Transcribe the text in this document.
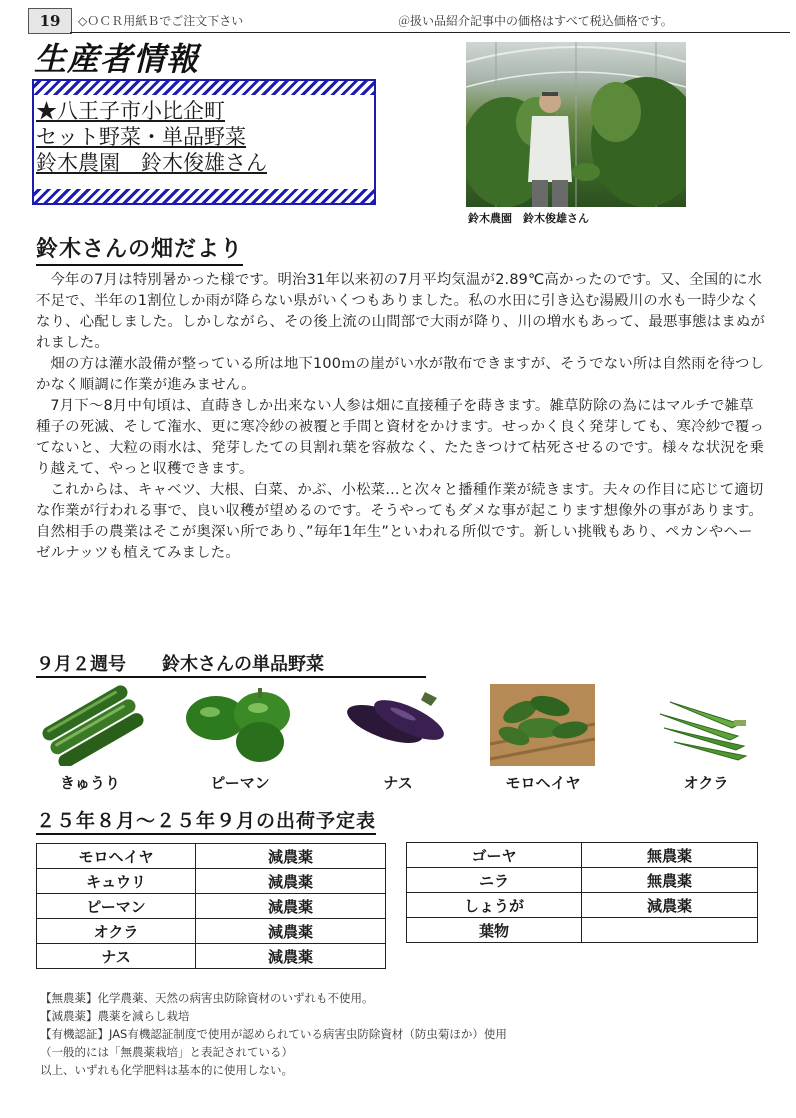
19	◇ＯＣＲ用紙Ｂでご注文下さい	＠扱い品紹介記事中の価格はすべて税込価格です。
生産者情報
★八王子市小比企町
セット野菜・単品野菜
鈴木農園　鈴木俊雄さん
鈴木農園　鈴木俊雄さん
鈴木さんの畑だより

今年の7月は特別暑かった様です。明治31年以来初の7月平均気温が2.89℃高かったのです。又、全国的に水不足で、半年の1割位しか雨が降らない県がいくつもありました。私の水田に引き込む湯殿川の水も一時少なくなり、心配しました。しかしながら、その後上流の山間部で大雨が降り、川の増水もあって、最悪事態はまぬがれました。

畑の方は灌水設備が整っている所は地下100ｍの崖がい水が散布できますが、そうでない所は自然雨を待つしかなく順調に作業が進みません。

7月下～8月中旬頃は、直蒔きしか出来ない人参は畑に直接種子を蒔きます。雑草防除の為にはマルチで雑草種子の死滅、そして潅水、更に寒冷紗の被覆と手間と資材をかけます。せっかく良く発芽しても、寒冷紗で覆ってないと、大粒の雨水は、発芽したての貝割れ葉を容赦なく、たたきつけて枯死させるのです。様々な状況を乗り越えて、やっと収穫できます。

これからは、キャベツ、大根、白菜、かぶ、小松菜…と次々と播種作業が続きます。夫々の作目に応じて適切な作業が行われる事で、良い収穫が望めるのです。そうやってもダメな事が起こります想像外の事があります。自然相手の農業はそこが奥深い所であり、”毎年1年生”といわれる所似です。新しい挑戦もあり、ペカンやヘーゼルナッツも植えてみました。

９月２週号 鈴木さんの単品野菜
きゅうり	ピーマン	ナス	モロヘイヤ	オクラ
２５年８月～２５年９月の出荷予定表
モロヘイヤ	減農薬
キュウリ	減農薬
ピーマン	減農薬
オクラ	減農薬
ナス	減農薬
ゴーヤ	無農薬
ニラ	無農薬
しょうが	減農薬
葉物	
【無農薬】化学農薬、天然の病害虫防除資材のいずれも不使用。
【減農薬】農薬を減らし栽培
【有機認証】JAS有機認証制度で使用が認められている病害虫防除資材（防虫菊ほか）使用
（一般的には「無農薬栽培」と表記されている）
以上、いずれも化学肥料は基本的に使用しない。
